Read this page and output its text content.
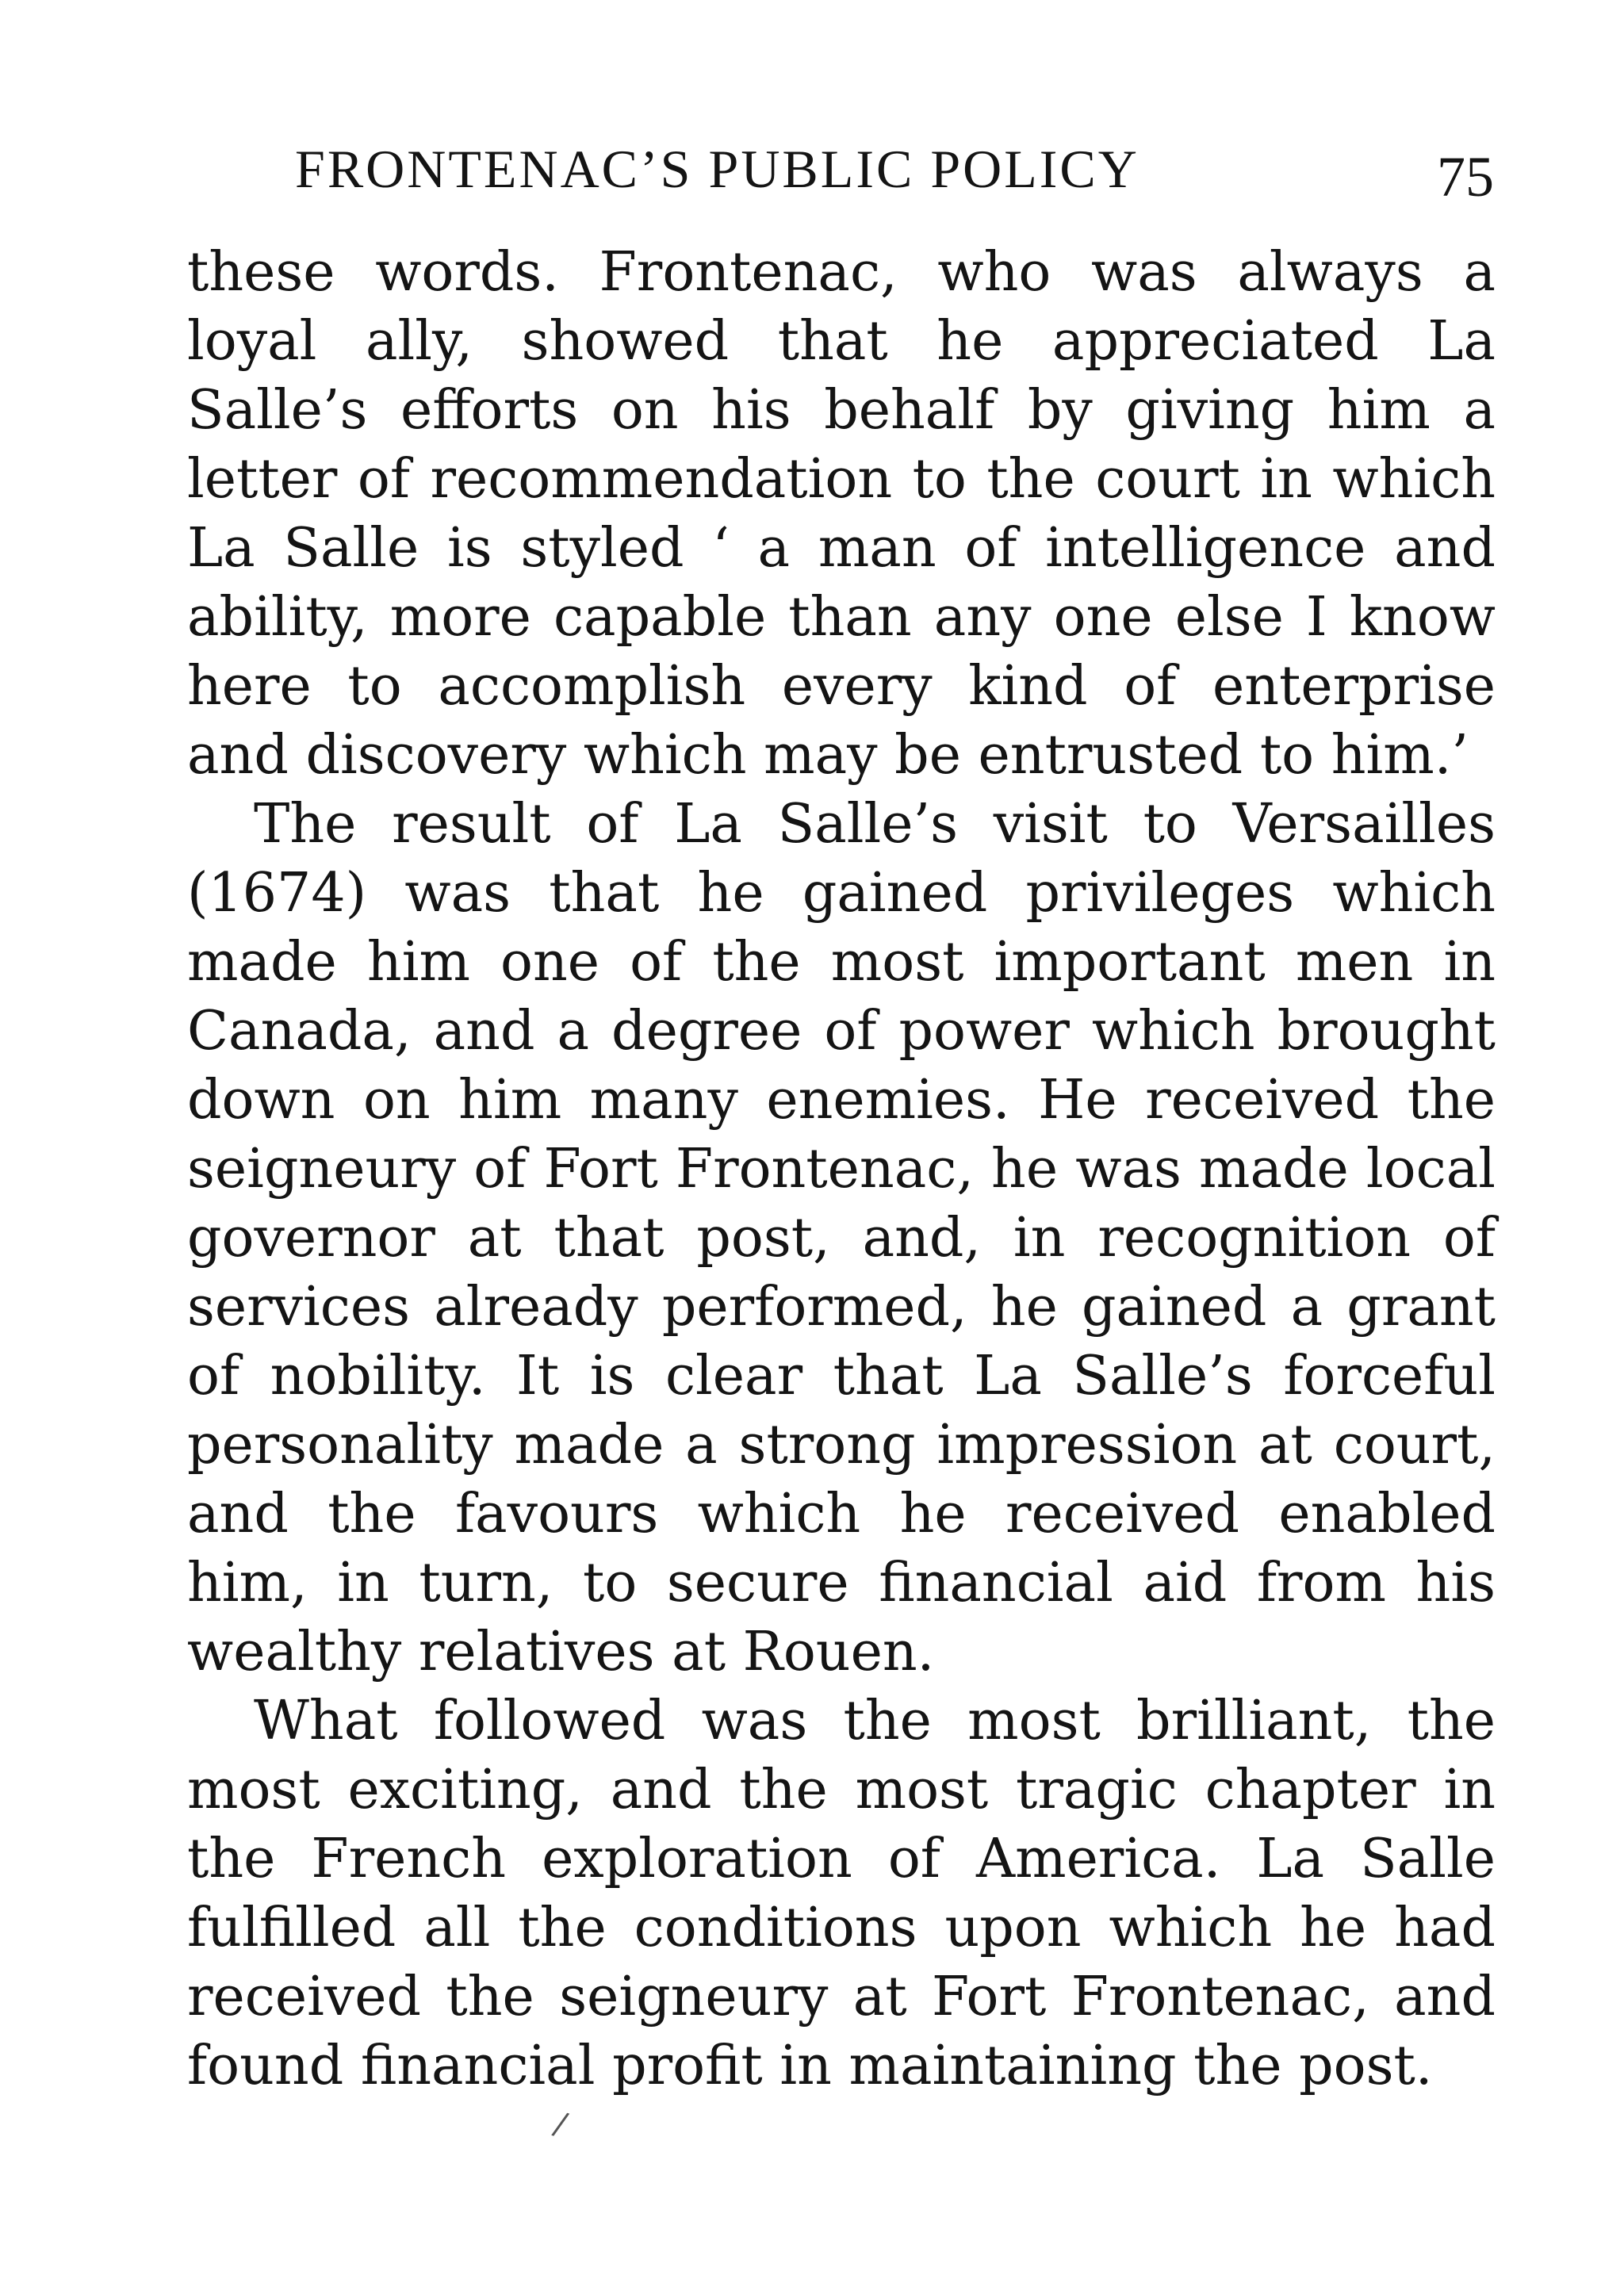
FRONTENAC’S PUBLIC POLICY	75

these words. Frontenac, who was always a loyal ally, showed that he appreciated La Salle’s efforts on his behalf by giving him a letter of recommendation to the court in which La Salle is styled ‘ a man of intelligence and ability, more capable than any one else I know here to accomplish every kind of enterprise and discovery which may be entrusted to him.’

The result of La Salle’s visit to Versailles (1674) was that he gained privileges which made him one of the most important men in Canada, and a degree of power which brought down on him many enemies. He received the seigneury of Fort Frontenac, he was made local governor at that post, and, in recognition of services already performed, he gained a grant of nobility. It is clear that La Salle’s forceful personality made a strong impression at court, and the favours which he received enabled him, in turn, to secure financial aid from his wealthy relatives at Rouen.

What followed was the most brilliant, the most exciting, and the most tragic chapter in the French exploration of America. La Salle fulfilled all the conditions upon which he had received the seigneury at Fort Frontenac, and found financial profit in maintaining the post.

/
